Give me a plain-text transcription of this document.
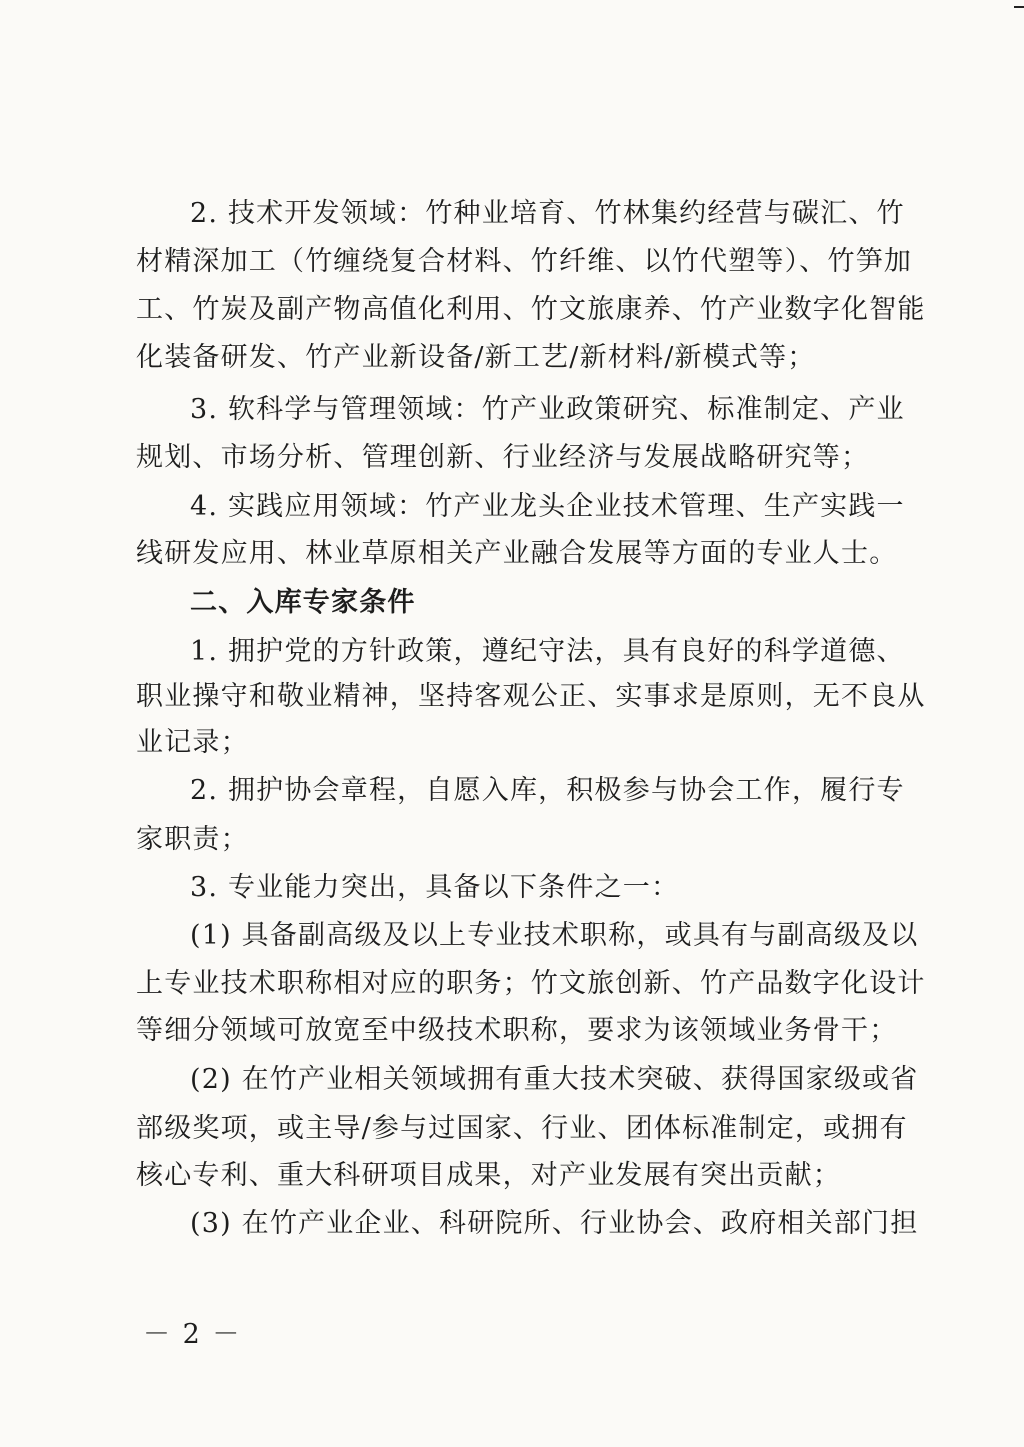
2. 技术开发领域：竹种业培育、竹林集约经营与碳汇、竹
材精深加工（竹缠绕复合材料、竹纤维、以竹代塑等）、竹笋加
工、竹炭及副产物高值化利用、竹文旅康养、竹产业数字化智能
化装备研发、竹产业新设备/新工艺/新材料/新模式等；
3. 软科学与管理领域：竹产业政策研究、标准制定、产业
规划、市场分析、管理创新、行业经济与发展战略研究等；
4. 实践应用领域：竹产业龙头企业技术管理、生产实践一
线研发应用、林业草原相关产业融合发展等方面的专业人士。
二、入库专家条件
1. 拥护党的方针政策，遵纪守法，具有良好的科学道德、
职业操守和敬业精神，坚持客观公正、实事求是原则，无不良从
业记录；
2. 拥护协会章程，自愿入库，积极参与协会工作，履行专
家职责；
3. 专业能力突出，具备以下条件之一：
(1) 具备副高级及以上专业技术职称，或具有与副高级及以
上专业技术职称相对应的职务；竹文旅创新、竹产品数字化设计
等细分领域可放宽至中级技术职称，要求为该领域业务骨干；
(2) 在竹产业相关领域拥有重大技术突破、获得国家级或省
部级奖项，或主导/参与过国家、行业、团体标准制定，或拥有
核心专利、重大科研项目成果，对产业发展有突出贡献；
(3) 在竹产业企业、科研院所、行业协会、政府相关部门担
－ 2 －
